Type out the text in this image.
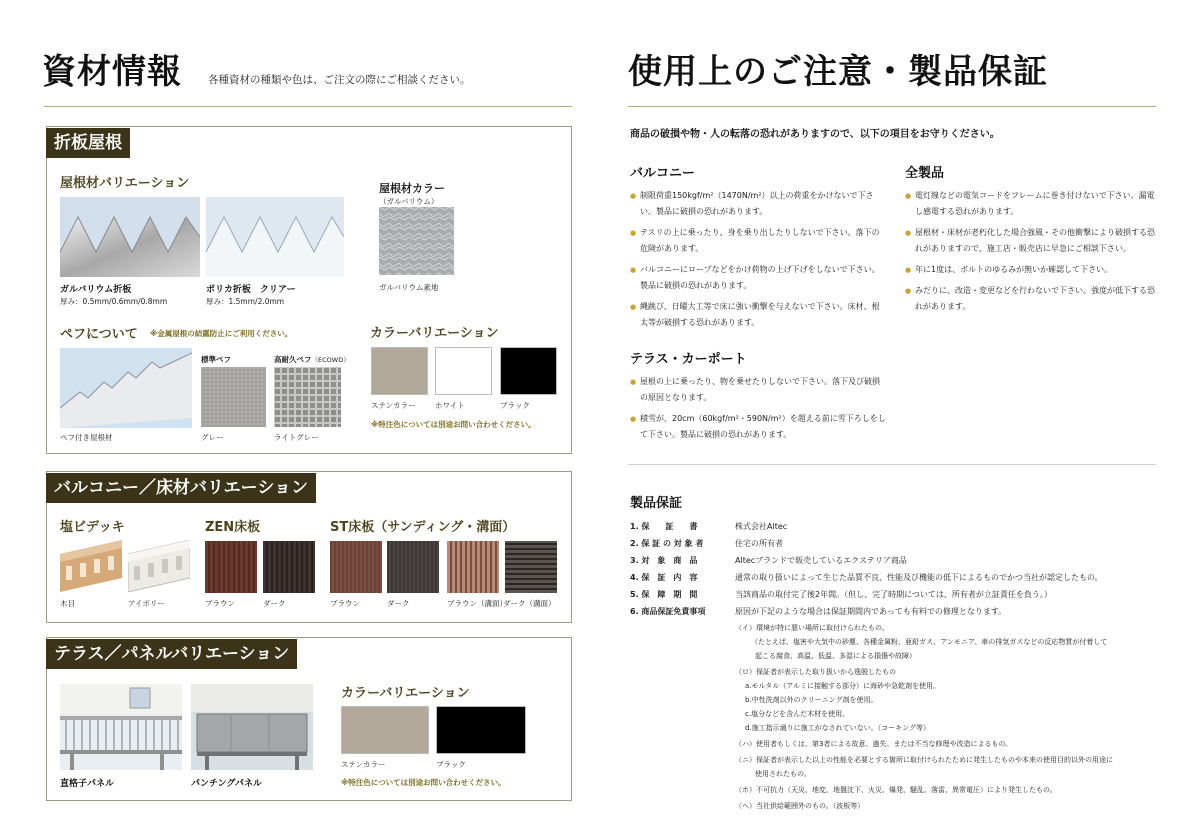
資材情報 各種資材の種類や色は、ご注文の際にご相談ください。
折板屋根
屋根材バリエーション
ガルバリウム折板
厚み：0.5mm/0.6mm/0.8mm
ポリカ折板　クリアー
厚み：1.5mm/2.0mm
屋根材カラー
（ガルバリウム）
ガルバリウム素地
ペフについて ※金属屋根の結露防止にご利用ください。
ペフ付き屋根材
標準ペフ	高耐久ペフ（ECOWD）
グレー	ライトグレー
カラーバリエーション
ステンカラー	ホワイト	ブラック
※特注色については別途お問い合わせください。
バルコニー／床材バリエーション
塩ビデッキ	ZEN床板	ST床板（サンディング・溝面）
木目	アイボリー	ブラウン	ダーク	ブラウン	ダーク	ブラウン（溝面）
ダーク（溝面）
テラス／パネルバリエーション
直格子パネル	パンチングパネル
カラーバリエーション
ステンカラー	ブラック
※特注色については別途お問い合わせください。
使用上のご注意・製品保証
商品の破損や物・人の転落の恐れがありますので、以下の項目をお守りください。
バルコニー
● 制限荷重150kgf/m²（1470N/m²）以上の荷重をかけないで下さい。製品に破損の恐れがあります。
● テスリの上に乗ったり、身を乗り出したりしないで下さい。落下の危険があります。
● バルコニーにロープなどをかけ荷物の上げ下げをしないで下さい。製品に破損の恐れがあります。
● 縄跳び、日曜大工等で床に強い衝撃を与えないで下さい。床材、根太等が破損する恐れがあります。
全製品
● 電灯線などの電気コードをフレームに巻き付けないで下さい。漏電し感電する恐れがあります。
● 屋根材・床材が老朽化した場合強風・その他衝撃により破損する恐れがありますので、施工店・販売店に早急にご相談下さい。
● 年に1度は、ボルトのゆるみが無いか確認して下さい。
● みだりに、改造・変更などを行わないで下さい。強度が低下する恐れがあります。
テラス・カーポート
● 屋根の上に乗ったり、物を乗せたりしないで下さい。落下及び破損の原因となります。
● 積雪が、20cm（60kgf/m²・590N/m²）を超える前に雪下ろしをして下さい。製品に破損の恐れがあります。
製品保証
1. 保　　証　　書	株式会社Altec
2. 保 証 の 対 象 者	住宅の所有者
3. 対　象　商　品	Altecブランドで販売しているエクステリア商品
4. 保　証　内　容	通常の取り扱いによって生じた品質不良、性能及び機能の低下によるものでかつ当社が認定したもの。
5. 保　障　期　間	当該商品の取付完了後2年間。（但し、完了時期については、所有者が立証責任を負う。）
6. 商品保証免責事項	原因が下記のような場合は保証期間内であっても有料での修理となります。
（イ）環境が特に悪い場所に取付けられたもの。
（たとえば、塩害や大気中の砂塵、各種金属粉、亜鉛ガス、アンモニア、車の排気ガスなどの反応物質が付着して
起こる腐食、高温、低温、多湿による損傷や故障）
（ロ）保証者が表示した取り扱いから逸脱したもの
a.モルタル（アルミに接触する部分）に海砂や急乾剤を使用。
b.中性洗剤以外のクリーニング剤を使用。
c.塩分などを含んだ木材を使用。
d.施工指示通りに施工がなされていない。（コーキング等）
（ハ）使用者もしくは、第3者による故意、過失、または不当な修理や改造によるもの。
（ニ）保証者が表示した以上の性能を必要とする箇所に取付けられたために発生したものや本来の使用目的以外の用途に
使用されたもの。
（ホ）不可抗力（天災、地変、地盤沈下、火災、爆発、騒乱、落雷、異常電圧）により発生したもの。
（ヘ）当社供給範囲外のもの。（波板等）
